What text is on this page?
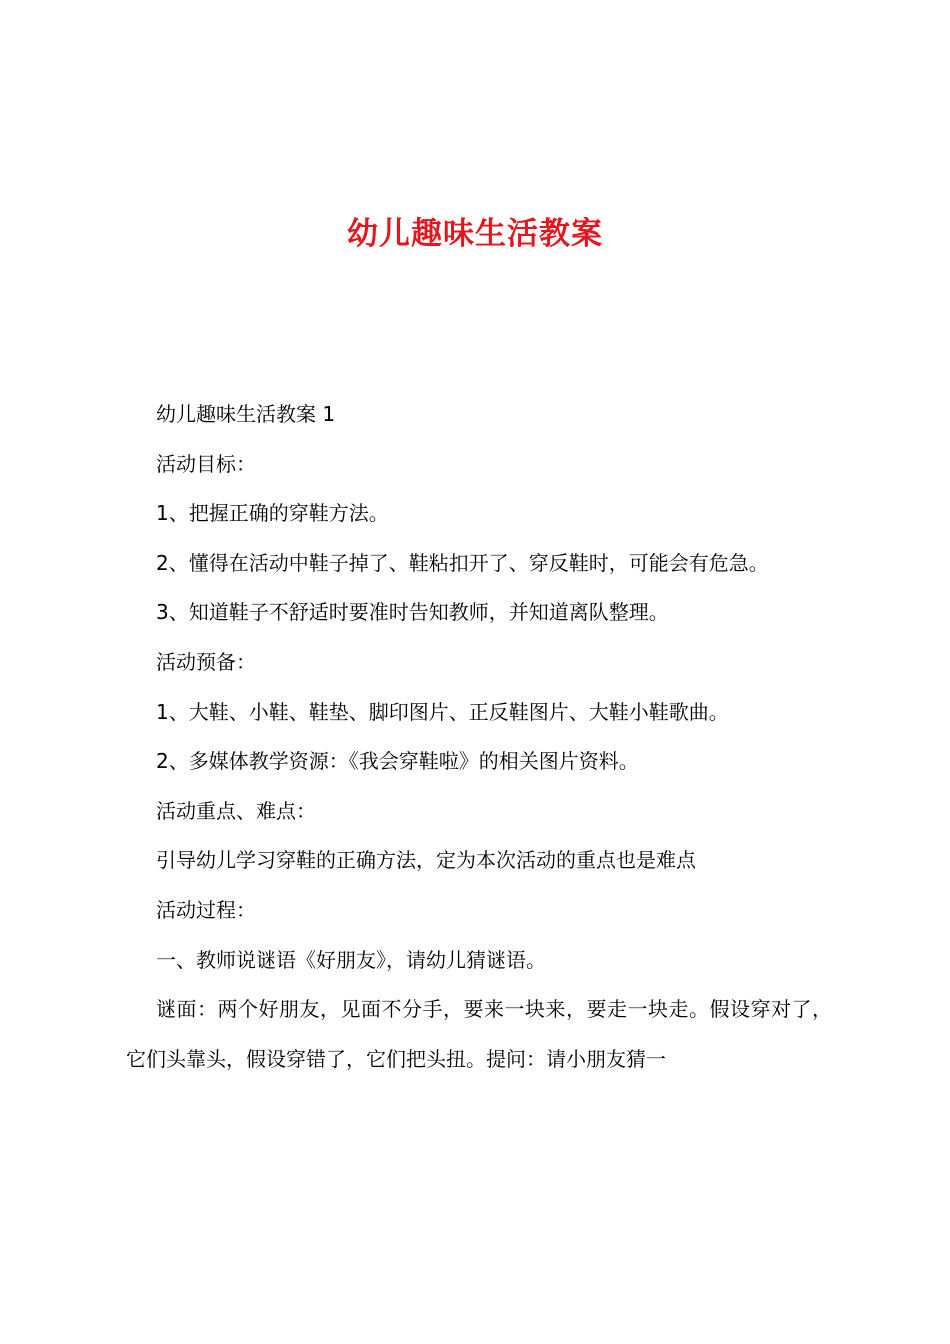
幼儿趣味生活教案

幼儿趣味生活教案 1

活动目标：

1、把握正确的穿鞋方法。

2、懂得在活动中鞋子掉了、鞋粘扣开了、穿反鞋时，可能会有危急。

3、知道鞋子不舒适时要准时告知教师，并知道离队整理。

活动预备：

1、大鞋、小鞋、鞋垫、脚印图片、正反鞋图片、大鞋小鞋歌曲。

2、多媒体教学资源：《我会穿鞋啦》的相关图片资料。

活动重点、难点：

引导幼儿学习穿鞋的正确方法，定为本次活动的重点也是难点

活动过程：

一、教师说谜语《好朋友》，请幼儿猜谜语。

谜面：两个好朋友，见面不分手，要来一块来，要走一块走。假设穿对了，它们头靠头，假设穿错了，它们把头扭。提问：请小朋友猜一
